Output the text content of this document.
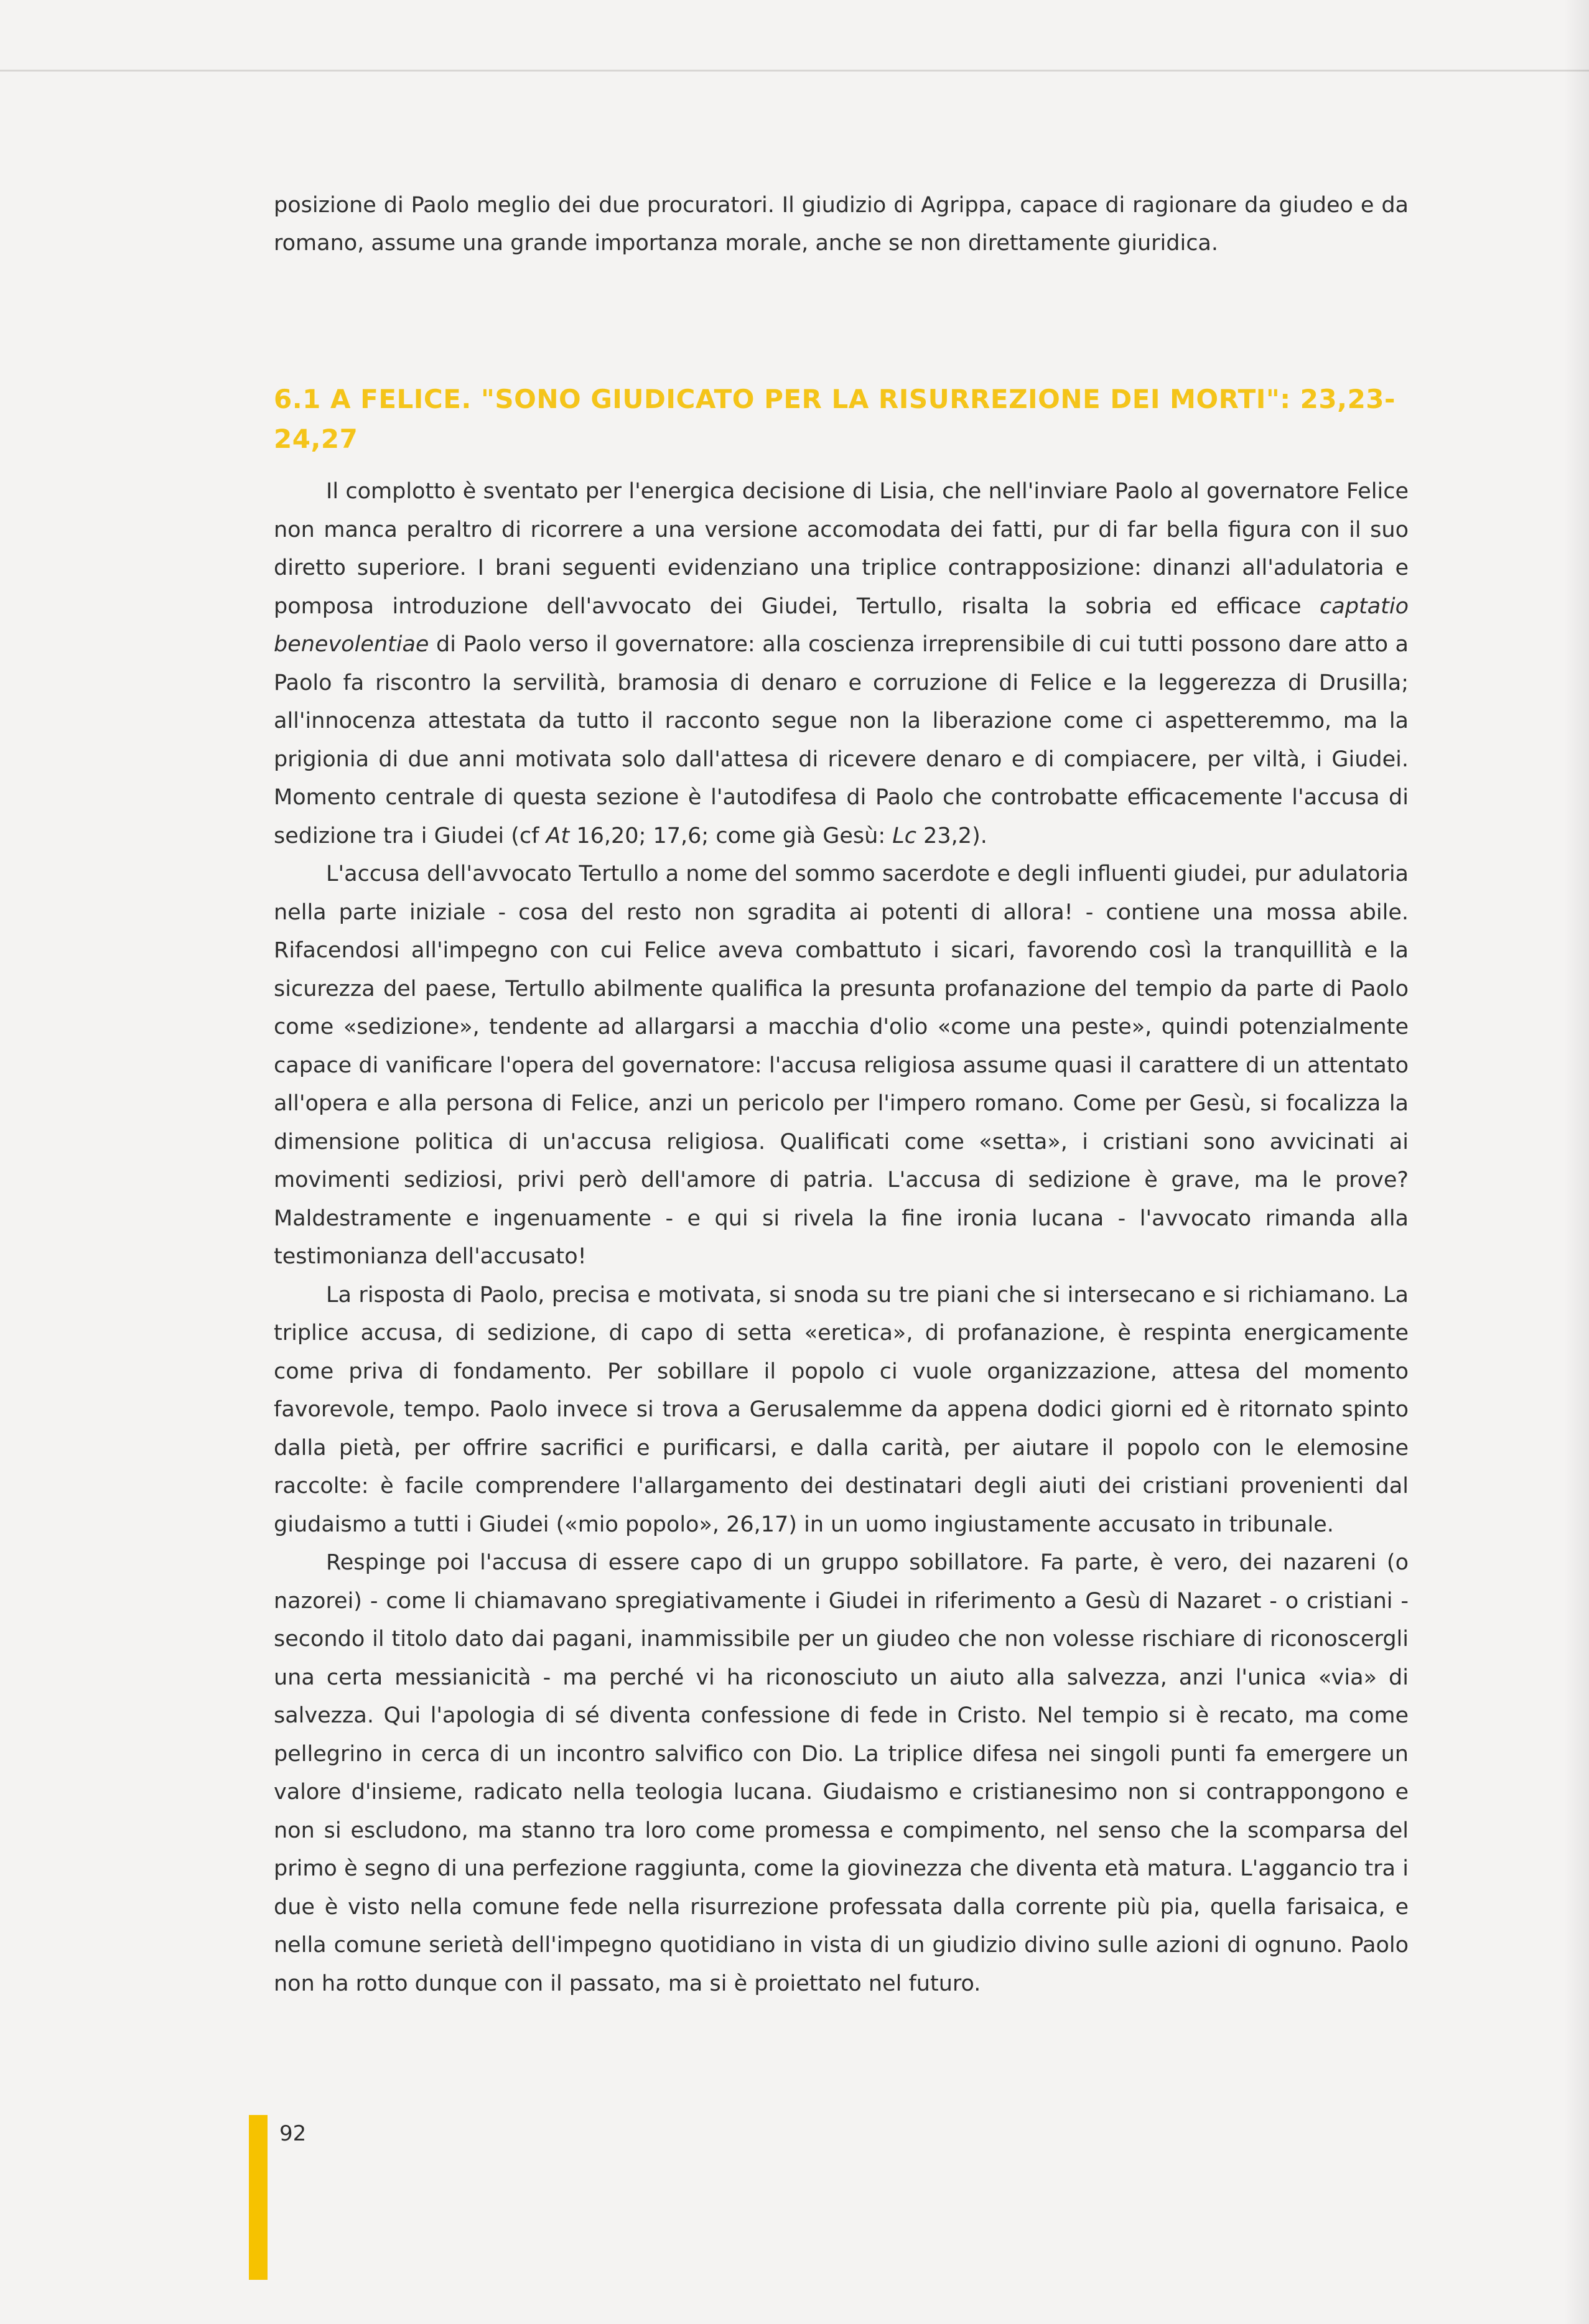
posizione di Paolo meglio dei due procuratori. Il giudizio di Agrippa, capace di ragionare da giudeo e da romano, assume una grande importanza morale, anche se non direttamente giuridica.

6.1 A FELICE. "SONO GIUDICATO PER LA RISURREZIONE DEI MORTI": 23,23-24,27

Il complotto è sventato per l'energica decisione di Lisia, che nell'inviare Paolo al governatore Felice non manca peraltro di ricorrere a una versione accomodata dei fatti, pur di far bella figura con il suo diretto superiore. I brani seguenti evidenziano una triplice contrapposizione: dinanzi all'adulatoria e pomposa introduzione dell'avvocato dei Giudei, Tertullo, risalta la sobria ed efficace captatio benevolentiae di Paolo verso il governatore: alla coscienza irreprensibile di cui tutti possono dare atto a Paolo fa riscontro la servilità, bramosia di denaro e corruzione di Felice e la leggerezza di Drusilla; all'innocenza attestata da tutto il racconto segue non la liberazione come ci aspetteremmo, ma la prigionia di due anni motivata solo dall'attesa di ricevere denaro e di compiacere, per viltà, i Giudei. Momento centrale di questa sezione è l'autodifesa di Paolo che controbatte efficacemente l'accusa di sedizione tra i Giudei (cf At 16,20; 17,6; come già Gesù: Lc 23,2).

L'accusa dell'avvocato Tertullo a nome del sommo sacerdote e degli influenti giudei, pur adulatoria nella parte iniziale - cosa del resto non sgradita ai potenti di allora! - contiene una mossa abile. Rifacendosi all'impegno con cui Felice aveva combattuto i sicari, favorendo così la tranquillità e la sicurezza del paese, Tertullo abilmente qualifica la presunta profanazione del tempio da parte di Paolo come «sedizione», tendente ad allargarsi a macchia d'olio «come una peste», quindi potenzialmente capace di vanificare l'opera del governatore: l'accusa religiosa assume quasi il carattere di un attentato all'opera e alla persona di Felice, anzi un pericolo per l'impero romano. Come per Gesù, si focalizza la dimensione politica di un'accusa religiosa. Qualificati come «setta», i cristiani sono avvicinati ai movimenti sediziosi, privi però dell'amore di patria. L'accusa di sedizione è grave, ma le prove? Maldestramente e ingenuamente - e qui si rivela la fine ironia lucana - l'avvocato rimanda alla testimonianza dell'accusato!

La risposta di Paolo, precisa e motivata, si snoda su tre piani che si intersecano e si richiamano. La triplice accusa, di sedizione, di capo di setta «eretica», di profanazione, è respinta energicamente come priva di fondamento. Per sobillare il popolo ci vuole organizzazione, attesa del momento favorevole, tempo. Paolo invece si trova a Gerusalemme da appena dodici giorni ed è ritornato spinto dalla pietà, per offrire sacrifici e purificarsi, e dalla carità, per aiutare il popolo con le elemosine raccolte: è facile comprendere l'allargamento dei destinatari degli aiuti dei cristiani provenienti dal giudaismo a tutti i Giudei («mio popolo», 26,17) in un uomo ingiustamente accusato in tribunale.

Respinge poi l'accusa di essere capo di un gruppo sobillatore. Fa parte, è vero, dei nazareni (o nazorei) - come li chiamavano spregiativamente i Giudei in riferimento a Gesù di Nazaret - o cristiani - secondo il titolo dato dai pagani, inammissibile per un giudeo che non volesse rischiare di riconoscergli una certa messianicità - ma perché vi ha riconosciuto un aiuto alla salvezza, anzi l'unica «via» di salvezza. Qui l'apologia di sé diventa confessione di fede in Cristo. Nel tempio si è recato, ma come pellegrino in cerca di un incontro salvifico con Dio. La triplice difesa nei singoli punti fa emergere un valore d'insieme, radicato nella teologia lucana. Giudaismo e cristianesimo non si contrappongono e non si escludono, ma stanno tra loro come promessa e compimento, nel senso che la scomparsa del primo è segno di una perfezione raggiunta, come la giovinezza che diventa età matura. L'aggancio tra i due è visto nella comune fede nella risurrezione professata dalla corrente più pia, quella farisaica, e nella comune serietà dell'impegno quotidiano in vista di un giudizio divino sulle azioni di ognuno. Paolo non ha rotto dunque con il passato, ma si è proiettato nel futuro.

92
